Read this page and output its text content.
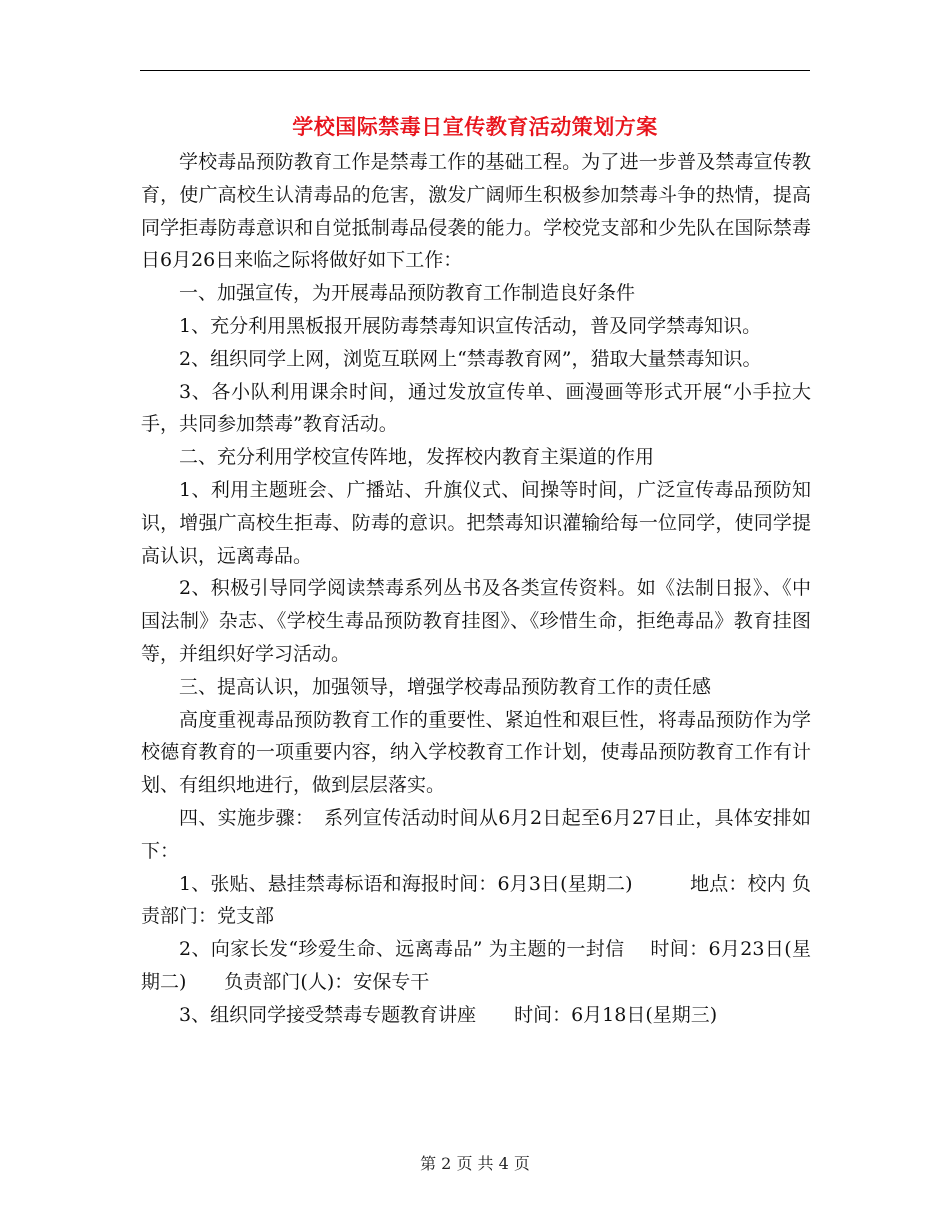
学校国际禁毒日宣传教育活动策划方案

学校毒品预防教育工作是禁毒工作的基础工程。为了进一步普及禁毒宣传教育，使广高校生认清毒品的危害，激发广阔师生积极参加禁毒斗争的热情，提高同学拒毒防毒意识和自觉抵制毒品侵袭的能力。学校党支部和少先队在国际禁毒日6月26日来临之际将做好如下工作：

一、加强宣传，为开展毒品预防教育工作制造良好条件

1、充分利用黑板报开展防毒禁毒知识宣传活动，普及同学禁毒知识。

2、组织同学上网，浏览互联网上“禁毒教育网”，猎取大量禁毒知识。

3、各小队利用课余时间，通过发放宣传单、画漫画等形式开展“小手拉大手，共同参加禁毒”教育活动。

二、充分利用学校宣传阵地，发挥校内教育主渠道的作用

1、利用主题班会、广播站、升旗仪式、间操等时间，广泛宣传毒品预防知识，增强广高校生拒毒、防毒的意识。把禁毒知识灌输给每一位同学，使同学提高认识，远离毒品。

2、积极引导同学阅读禁毒系列丛书及各类宣传资料。如《法制日报》、《中国法制》杂志、《学校生毒品预防教育挂图》、《珍惜生命，拒绝毒品》教育挂图等，并组织好学习活动。

三、提高认识，加强领导，增强学校毒品预防教育工作的责任感

高度重视毒品预防教育工作的重要性、紧迫性和艰巨性，将毒品预防作为学校德育教育的一项重要内容，纳入学校教育工作计划，使毒品预防教育工作有计划、有组织地进行，做到层层落实。

四、实施步骤：　系列宣传活动时间从6月2日起至6月27日止，具体安排如下：

1、张贴、悬挂禁毒标语和海报时间：6月3日(星期二)　　　地点：校内 负责部门：党支部

2、向家长发“珍爱生命、远离毒品” 为主题的一封信　 时间：6月23日(星期二)　　负责部门(人)：安保专干

3、组织同学接受禁毒专题教育讲座　　时间：6月18日(星期三)

第 2 页 共 4 页
